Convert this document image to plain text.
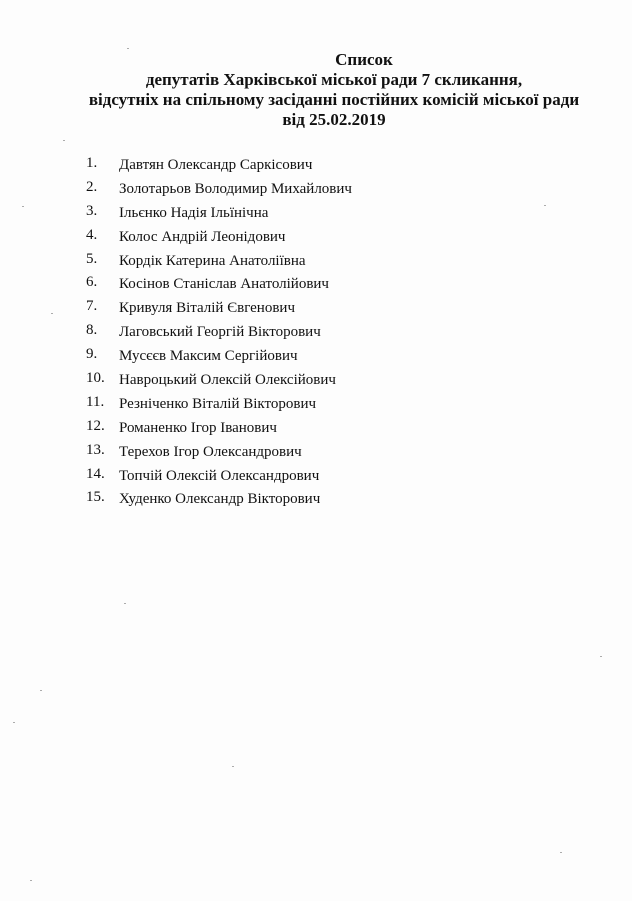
Список
депутатів Харківської міської ради 7 скликання,
відсутніх на спільному засіданні постійних комісій міської ради
від 25.02.2019
1.	Давтян Олександр Саркісович
2.	Золотарьов Володимир Михайлович
3.	Ільєнко Надія Ільїнічна
4.	Колос Андрій Леонідович
5.	Кордік Катерина Анатоліївна
6.	Косінов Станіслав Анатолійович
7.	Кривуля Віталій Євгенович
8.	Лаговський Георгій Вікторович
9.	Мусєєв Максим Сергійович
10. Навроцький Олексій Олексійович
11. Резніченко Віталій Вікторович
12. Романенко Ігор Іванович
13. Терехов Ігор Олександрович
14. Топчій Олексій Олександрович
15. Худенко Олександр Вікторович
